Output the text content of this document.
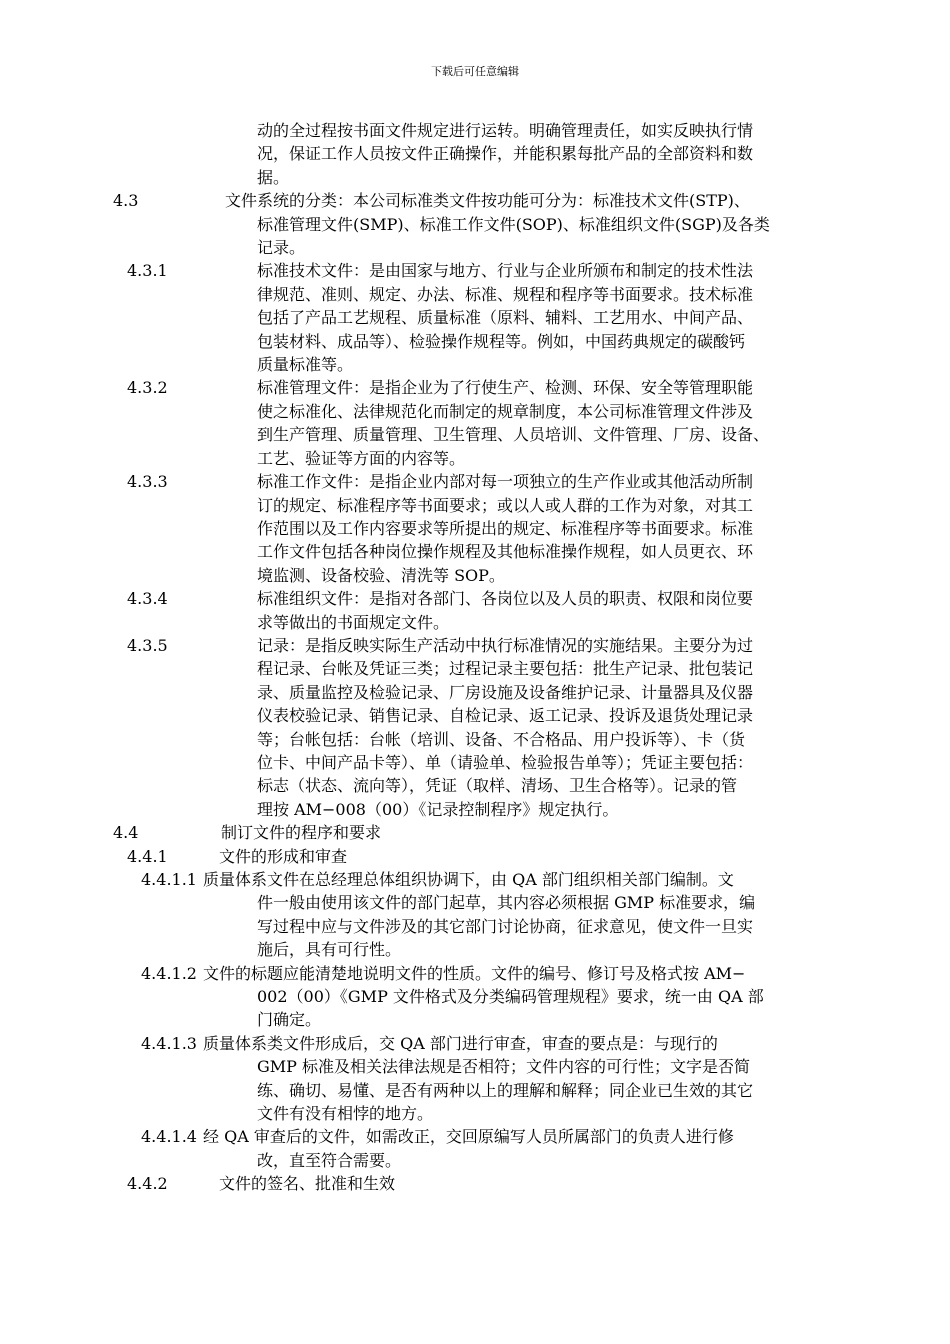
下载后可任意编辑
动的全过程按书面文件规定进行运转。明确管理责任，如实反映执行情
况，保证工作人员按文件正确操作，并能积累每批产品的全部资料和数
据。
4.3	文件系统的分类：本公司标准类文件按功能可分为：标准技术文件(STP)、
标准管理文件(SMP)、标准工作文件(SOP)、标准组织文件(SGP)及各类
记录。
4.3.1	标准技术文件：是由国家与地方、行业与企业所颁布和制定的技术性法
律规范、准则、规定、办法、标准、规程和程序等书面要求。技术标准
包括了产品工艺规程、质量标准（原料、辅料、工艺用水、中间产品、
包装材料、成品等）、检验操作规程等。例如，中国药典规定的碳酸钙
质量标准等。
4.3.2	标准管理文件：是指企业为了行使生产、检测、环保、安全等管理职能
使之标准化、法律规范化而制定的规章制度，本公司标准管理文件涉及
到生产管理、质量管理、卫生管理、人员培训、文件管理、厂房、设备、
工艺、验证等方面的内容等。
4.3.3	标准工作文件：是指企业内部对每一项独立的生产作业或其他活动所制
订的规定、标准程序等书面要求；或以人或人群的工作为对象，对其工
作范围以及工作内容要求等所提出的规定、标准程序等书面要求。标准
工作文件包括各种岗位操作规程及其他标准操作规程，如人员更衣、环
境监测、设备校验、清洗等 SOP。
4.3.4	标准组织文件：是指对各部门、各岗位以及人员的职责、权限和岗位要
求等做出的书面规定文件。
4.3.5	记录：是指反映实际生产活动中执行标准情况的实施结果。主要分为过
程记录、台帐及凭证三类；过程记录主要包括：批生产记录、批包装记
录、质量监控及检验记录、厂房设施及设备维护记录、计量器具及仪器
仪表校验记录、销售记录、自检记录、返工记录、投诉及退货处理记录
等；台帐包括：台帐（培训、设备、不合格品、用户投诉等）、卡（货
位卡、中间产品卡等）、单（请验单、检验报告单等）；凭证主要包括：
标志（状态、流向等），凭证（取样、清场、卫生合格等）。记录的管
理按 AM−008（00）《记录控制程序》规定执行。
4.4	制订文件的程序和要求
4.4.1	文件的形成和审查
4.4.1.1 质量体系文件在总经理总体组织协调下，由 QA 部门组织相关部门编制。文
件一般由使用该文件的部门起草，其内容必须根据 GMP 标准要求，编
写过程中应与文件涉及的其它部门讨论协商，征求意见，使文件一旦实
施后，具有可行性。
4.4.1.2 文件的标题应能清楚地说明文件的性质。文件的编号、修订号及格式按 AM−
002（00）《GMP 文件格式及分类编码管理规程》要求，统一由 QA 部
门确定。
4.4.1.3 质量体系类文件形成后，交 QA 部门进行审查，审查的要点是：与现行的
GMP 标准及相关法律法规是否相符；文件内容的可行性；文字是否简
练、确切、易懂、是否有两种以上的理解和解释；同企业已生效的其它
文件有没有相悖的地方。
4.4.1.4 经 QA 审查后的文件，如需改正，交回原编写人员所属部门的负责人进行修
改，直至符合需要。
4.4.2	文件的签名、批准和生效
